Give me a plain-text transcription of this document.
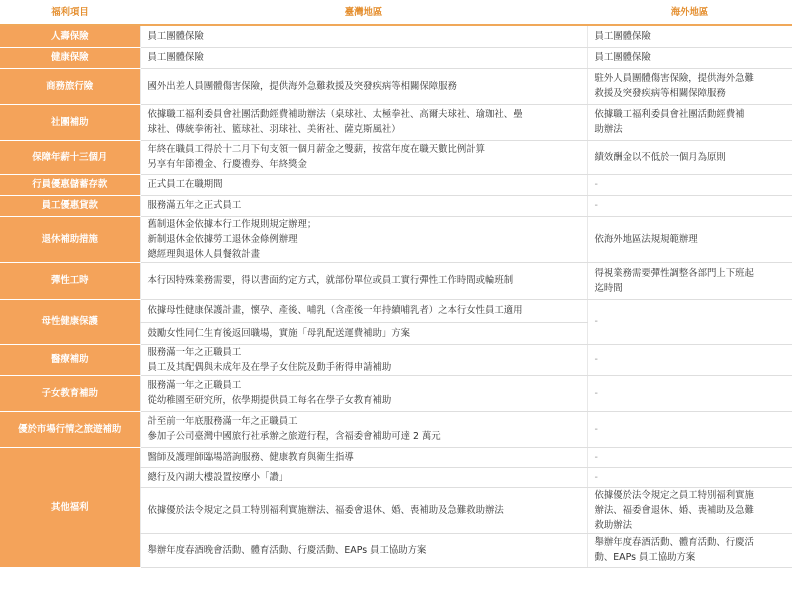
福利項目	臺灣地區	海外地區
人壽保險	員工團體保險	員工團體保險

健康保險	員工團體保險	員工團體保險

商務旅行險	國外出差人員團體傷害保險，提供海外急難救援及突發疾病等相關保障服務	駐外人員團體傷害保險，提供海外急難
救援及突發疾病等相關保障服務

社團補助	依據職工福利委員會社團活動經費補助辦法（桌球社、太極拳社、高爾夫球社、瑜珈社、壘
球社、傳統拳術社、籃球社、羽球社、美術社、薩克斯風社）	依據職工福利委員會社團活動經費補
助辦法

保障年薪十三個月	年終在職員工得於十二月下旬支領一個月薪金之雙薪，按當年度在職天數比例計算
另享有年節禮金、行慶禮券、年終獎金	績效酬金以不低於一個月為原則

行員優惠儲蓄存款	正式員工在職期間	-

員工優惠貸款	服務滿五年之正式員工	-

退休補助措施	舊制退休金依據本行工作規則規定辦理；
新制退休金依據勞工退休金條例辦理
總經理與退休人員餐敘計畫	依海外地區法規規範辦理

彈性工時	本行因特殊業務需要，得以書面約定方式，就部份單位或員工實行彈性工作時間或輪班制	得視業務需要彈性調整各部門上下班起
迄時間

母性健康保護	依據母性健康保護計畫，懷孕、產後、哺乳（含產後一年持續哺乳者）之本行女性員工適用	-

	鼓勵女性同仁生育後返回職場，實施「母乳配送運費補助」方案	

醫療補助	服務滿一年之正職員工
員工及其配偶與未成年及在學子女住院及動手術得申請補助	-

子女教育補助	服務滿一年之正職員工
從幼稚園至研究所，依學期提供員工每名在學子女教育補助	-

優於市場行情之旅遊補助	計至前一年底服務滿一年之正職員工
參加子公司臺灣中國旅行社承辦之旅遊行程，含福委會補助可達 2 萬元	-

其他福利	醫師及護理師臨場諮詢服務、健康教育與衛生指導	-

	總行及內湖大樓設置按摩小「讚」	-

	依據優於法令規定之員工特別福利實施辦法、福委會退休、婚、喪補助及急難救助辦法	依據優於法令規定之員工特別福利實施
辦法、福委會退休、婚、喪補助及急難
救助辦法

	舉辦年度春酒晚會活動、體育活動、行慶活動、EAPs 員工協助方案	舉辦年度春酒活動、體育活動、行慶活
動、EAPs 員工協助方案
